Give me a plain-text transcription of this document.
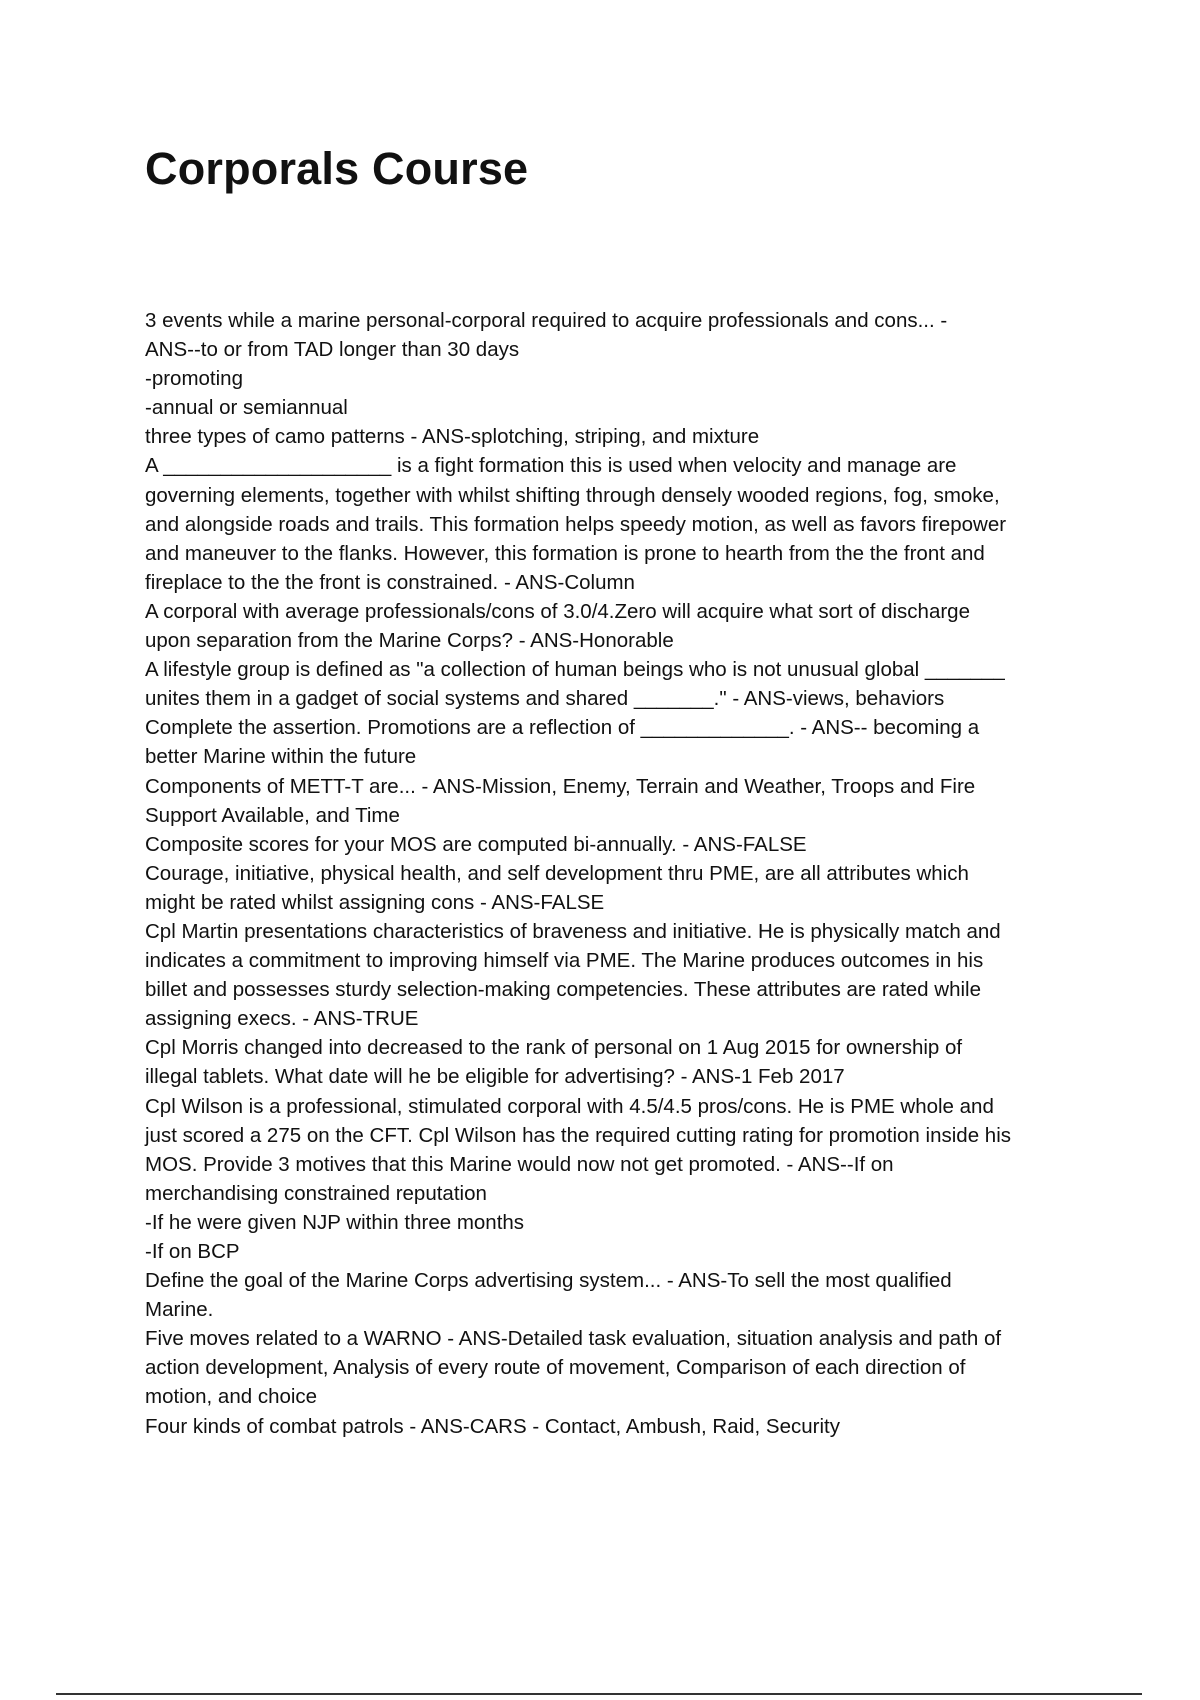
Corporals Course
3 events while a marine personal-corporal required to acquire professionals and cons... -
ANS--to or from TAD longer than 30 days
-promoting
-annual or semiannual
three types of camo patterns - ANS-splotching, striping, and mixture
A ____________________ is a fight formation this is used when velocity and manage are
governing elements, together with whilst shifting through densely wooded regions, fog, smoke,
and alongside roads and trails. This formation helps speedy motion, as well as favors firepower
and maneuver to the flanks. However, this formation is prone to hearth from the the front and
fireplace to the the front is constrained. - ANS-Column
A corporal with average professionals/cons of 3.0/4.Zero will acquire what sort of discharge
upon separation from the Marine Corps? - ANS-Honorable
A lifestyle group is defined as "a collection of human beings who is not unusual global _______
unites them in a gadget of social systems and shared _______." - ANS-views, behaviors
Complete the assertion. Promotions are a reflection of _____________. - ANS-- becoming a
better Marine within the future
Components of METT-T are... - ANS-Mission, Enemy, Terrain and Weather, Troops and Fire
Support Available, and Time
Composite scores for your MOS are computed bi-annually. - ANS-FALSE
Courage, initiative, physical health, and self development thru PME, are all attributes which
might be rated whilst assigning cons - ANS-FALSE
Cpl Martin presentations characteristics of braveness and initiative. He is physically match and
indicates a commitment to improving himself via PME. The Marine produces outcomes in his
billet and possesses sturdy selection-making competencies. These attributes are rated while
assigning execs. - ANS-TRUE
Cpl Morris changed into decreased to the rank of personal on 1 Aug 2015 for ownership of
illegal tablets. What date will he be eligible for advertising? - ANS-1 Feb 2017
Cpl Wilson is a professional, stimulated corporal with 4.5/4.5 pros/cons. He is PME whole and
just scored a 275 on the CFT. Cpl Wilson has the required cutting rating for promotion inside his
MOS. Provide 3 motives that this Marine would now not get promoted. - ANS--If on
merchandising constrained reputation
-If he were given NJP within three months
-If on BCP
Define the goal of the Marine Corps advertising system... - ANS-To sell the most qualified
Marine.
Five moves related to a WARNO - ANS-Detailed task evaluation, situation analysis and path of
action development, Analysis of every route of movement, Comparison of each direction of
motion, and choice
Four kinds of combat patrols - ANS-CARS - Contact, Ambush, Raid, Security
